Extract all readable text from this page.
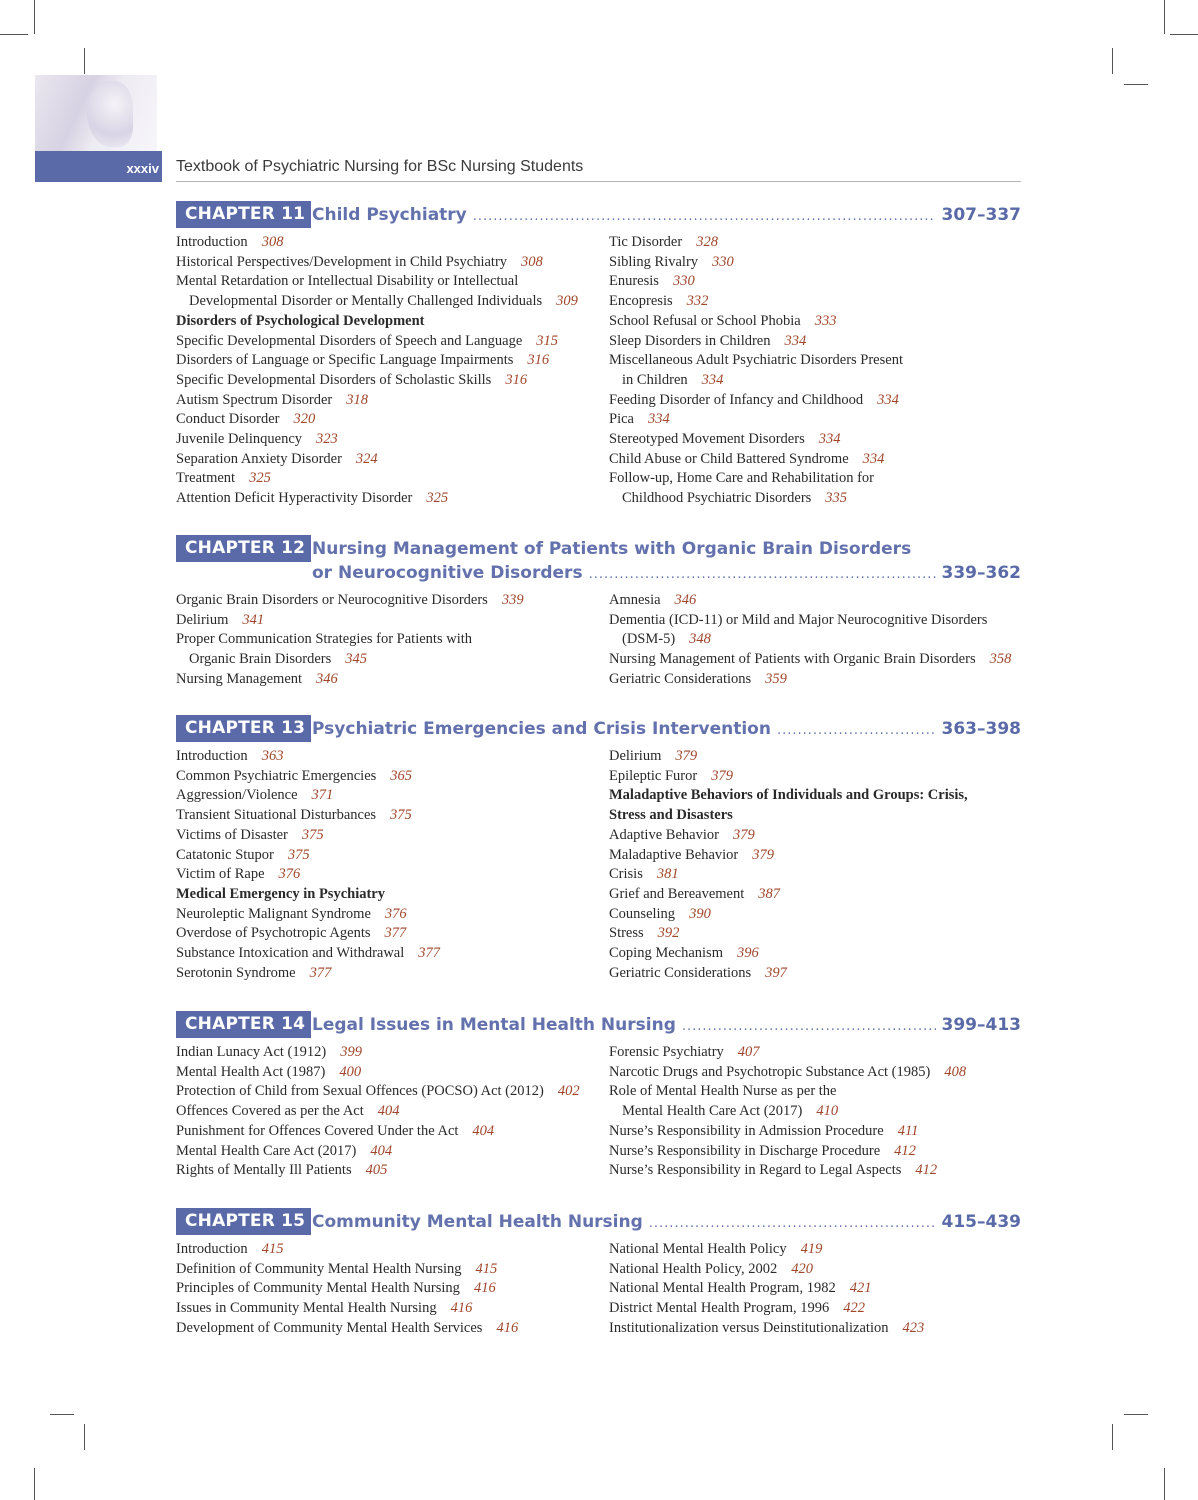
xxxiv Textbook of Psychiatric Nursing for BSc Nursing Students
CHAPTER 11 Child Psychiatry .....	307–337
Introduction 308
Historical Perspectives/Development in Child Psychiatry 308
Mental Retardation or Intellectual Disability or Intellectual
Developmental Disorder or Mentally Challenged Individuals 309
Disorders of Psychological Development
Specific Developmental Disorders of Speech and Language 315
Disorders of Language or Specific Language Impairments 316
Specific Developmental Disorders of Scholastic Skills 316
Autism Spectrum Disorder 318
Conduct Disorder 320
Juvenile Delinquency 323
Separation Anxiety Disorder 324
Treatment 325
Attention Deficit Hyperactivity Disorder 325
Tic Disorder 328
Sibling Rivalry 330
Enuresis 330
Encopresis 332
School Refusal or School Phobia 333
Sleep Disorders in Children 334
Miscellaneous Adult Psychiatric Disorders Present
in Children 334
Feeding Disorder of Infancy and Childhood 334
Pica 334
Stereotyped Movement Disorders 334
Child Abuse or Child Battered Syndrome 334
Follow-up, Home Care and Rehabilitation for
Childhood Psychiatric Disorders 335
CHAPTER 12 Nursing Management of Patients with Organic Brain Disorders
or Neurocognitive Disorders .....	339–362
Organic Brain Disorders or Neurocognitive Disorders 339
Delirium 341
Proper Communication Strategies for Patients with
Organic Brain Disorders 345
Nursing Management 346
Amnesia 346
Dementia (ICD-11) or Mild and Major Neurocognitive Disorders
(DSM-5) 348
Nursing Management of Patients with Organic Brain Disorders 358
Geriatric Considerations 359
CHAPTER 13 Psychiatric Emergencies and Crisis Intervention .....	363–398
Introduction 363
Common Psychiatric Emergencies 365
Aggression/Violence 371
Transient Situational Disturbances 375
Victims of Disaster 375
Catatonic Stupor 375
Victim of Rape 376
Medical Emergency in Psychiatry
Neuroleptic Malignant Syndrome 376
Overdose of Psychotropic Agents 377
Substance Intoxication and Withdrawal 377
Serotonin Syndrome 377
Delirium 379
Epileptic Furor 379
Maladaptive Behaviors of Individuals and Groups: Crisis,
Stress and Disasters
Adaptive Behavior 379
Maladaptive Behavior 379
Crisis 381
Grief and Bereavement 387
Counseling 390
Stress 392
Coping Mechanism 396
Geriatric Considerations 397
CHAPTER 14 Legal Issues in Mental Health Nursing .....	399–413
Indian Lunacy Act (1912) 399
Mental Health Act (1987) 400
Protection of Child from Sexual Offences (POCSO) Act (2012) 402
Offences Covered as per the Act 404
Punishment for Offences Covered Under the Act 404
Mental Health Care Act (2017) 404
Rights of Mentally Ill Patients 405
Forensic Psychiatry 407
Narcotic Drugs and Psychotropic Substance Act (1985) 408
Role of Mental Health Nurse as per the
Mental Health Care Act (2017) 410
Nurse’s Responsibility in Admission Procedure 411
Nurse’s Responsibility in Discharge Procedure 412
Nurse’s Responsibility in Regard to Legal Aspects 412
CHAPTER 15 Community Mental Health Nursing .....	415–439
Introduction 415
Definition of Community Mental Health Nursing 415
Principles of Community Mental Health Nursing 416
Issues in Community Mental Health Nursing 416
Development of Community Mental Health Services 416
National Mental Health Policy 419
National Health Policy, 2002 420
National Mental Health Program, 1982 421
District Mental Health Program, 1996 422
Institutionalization versus Deinstitutionalization 423
